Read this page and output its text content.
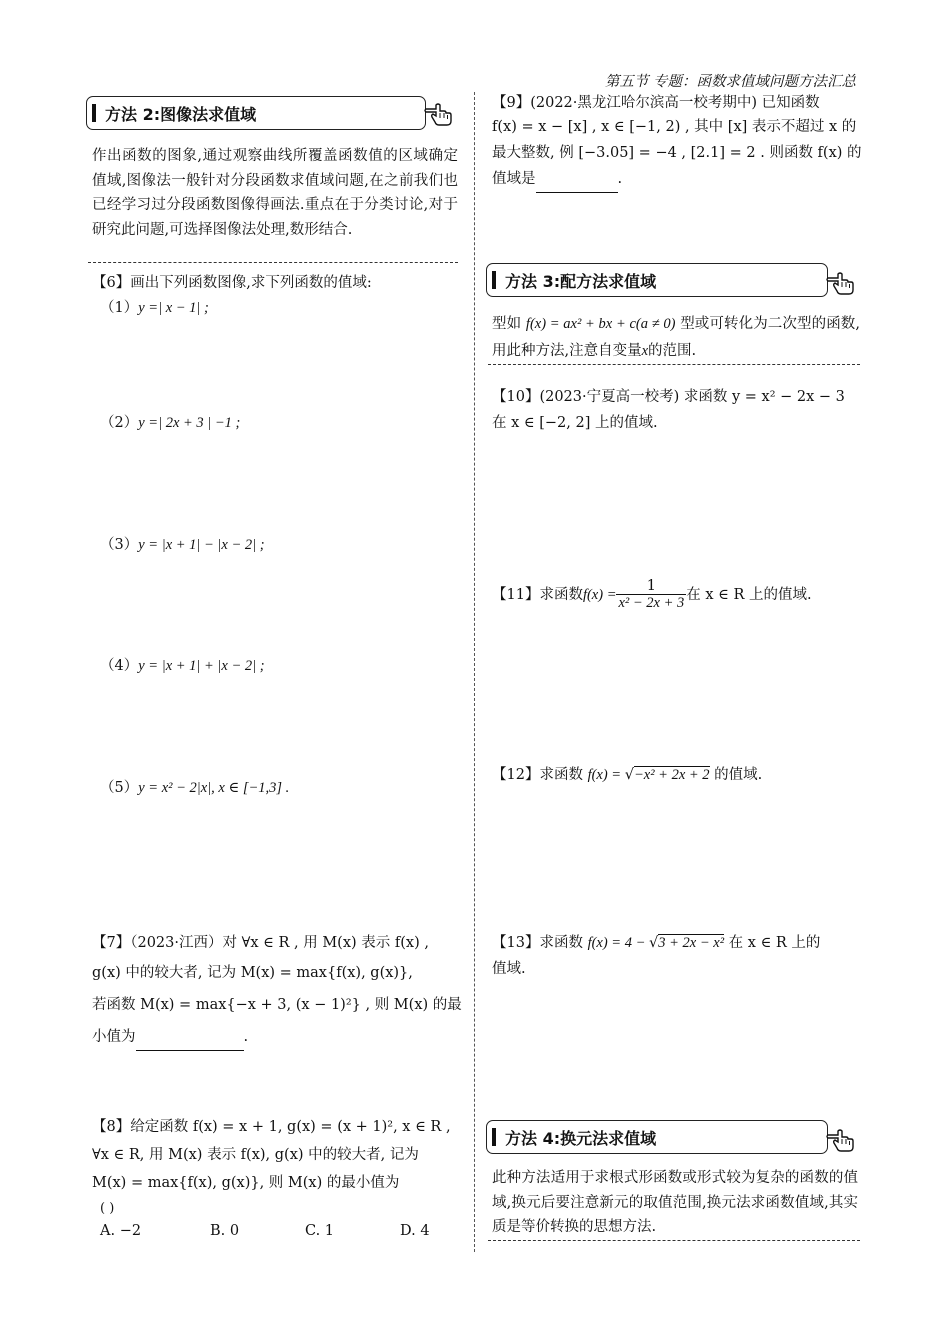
第五节 专题：函数求值域问题方法汇总
方法 2:图像法求值域
作出函数的图象,通过观察曲线所覆盖函数值的区域确定值域,图像法一般针对分段函数求值域问题,在之前我们也已经学习过分段函数图像得画法.重点在于分类讨论,对于研究此问题,可选择图像法处理,数形结合.
【6】画出下列函数图像,求下列函数的值域:
（1）y =| x − 1| ;
（2）y =| 2x + 3 | −1 ;
（3）y = |x + 1| − |x − 2| ;
（4）y = |x + 1| + |x − 2| ;
（5）y = x² − 2|x|, x ∈ [−1,3] .
【7】（2023·江西）对 ∀x ∈ R , 用 M(x) 表示 f(x) ,
g(x) 中的较大者, 记为 M(x) = max{f(x), g(x)},
若函数 M(x) = max{−x + 3, (x − 1)²} , 则 M(x) 的最
小值为	.
【8】给定函数 f(x) = x + 1, g(x) = (x + 1)², x ∈ R ,
∀x ∈ R, 用 M(x) 表示 f(x), g(x) 中的较大者, 记为
M(x) = max{f(x), g(x)}, 则 M(x) 的最小值为
( )
A. −2	B. 0	C. 1	D. 4
【9】(2022·黑龙江哈尔滨高一校考期中) 已知函数
f(x) = x − [x] , x ∈ [−1, 2) , 其中 [x] 表示不超过 x 的
最大整数, 例 [−3.05] = −4 , [2.1] = 2 . 则函数 f(x) 的
值域是	.
方法 3:配方法求值域
型如 f(x) = ax² + bx + c(a ≠ 0) 型或可转化为二次型的函数,用此种方法,注意自变量x的范围.
【10】(2023·宁夏高一校考) 求函数 y = x² − 2x − 3
在 x ∈ [−2, 2] 上的值域.
【11】求函数 $f(x) = \frac{1}{\text{x² − 2x + 3}}$ 在 x ∈ R 上的值域.
【12】求函数 f(x) = √−x² + 2x + 2 的值域.
【13】求函数 f(x) = 4 − √3 + 2x − x² 在 x ∈ R 上的
值域.
方法 4:换元法求值域
此种方法适用于求根式形函数或形式较为复杂的函数的值域,换元后要注意新元的取值范围,换元法求函数值域,其实质是等价转换的思想方法.
